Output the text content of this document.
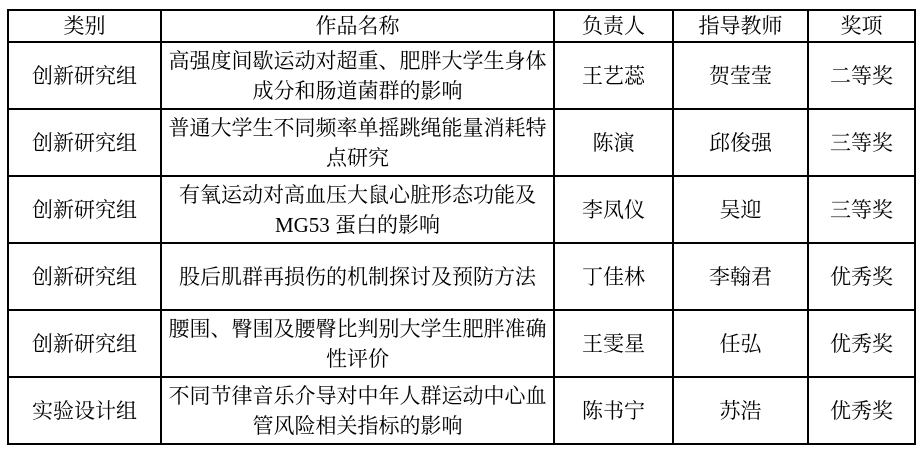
类别	作品名称	负责人	指导教师	奖项
创新研究组	高强度间歇运动对超重、肥胖大学生身体成分和肠道菌群的影响	王艺蕊	贺莹莹	二等奖
创新研究组	普通大学生不同频率单摇跳绳能量消耗特点研究	陈演	邱俊强	三等奖
创新研究组	有氧运动对高血压大鼠心脏形态功能及 MG53 蛋白的影响	李凤仪	吴迎	三等奖
创新研究组	股后肌群再损伤的机制探讨及预防方法	丁佳林	李翰君	优秀奖
创新研究组	腰围、臀围及腰臀比判别大学生肥胖准确性评价	王雯星	任弘	优秀奖
实验设计组	不同节律音乐介导对中年人群运动中心血管风险相关指标的影响	陈书宁	苏浩	优秀奖
